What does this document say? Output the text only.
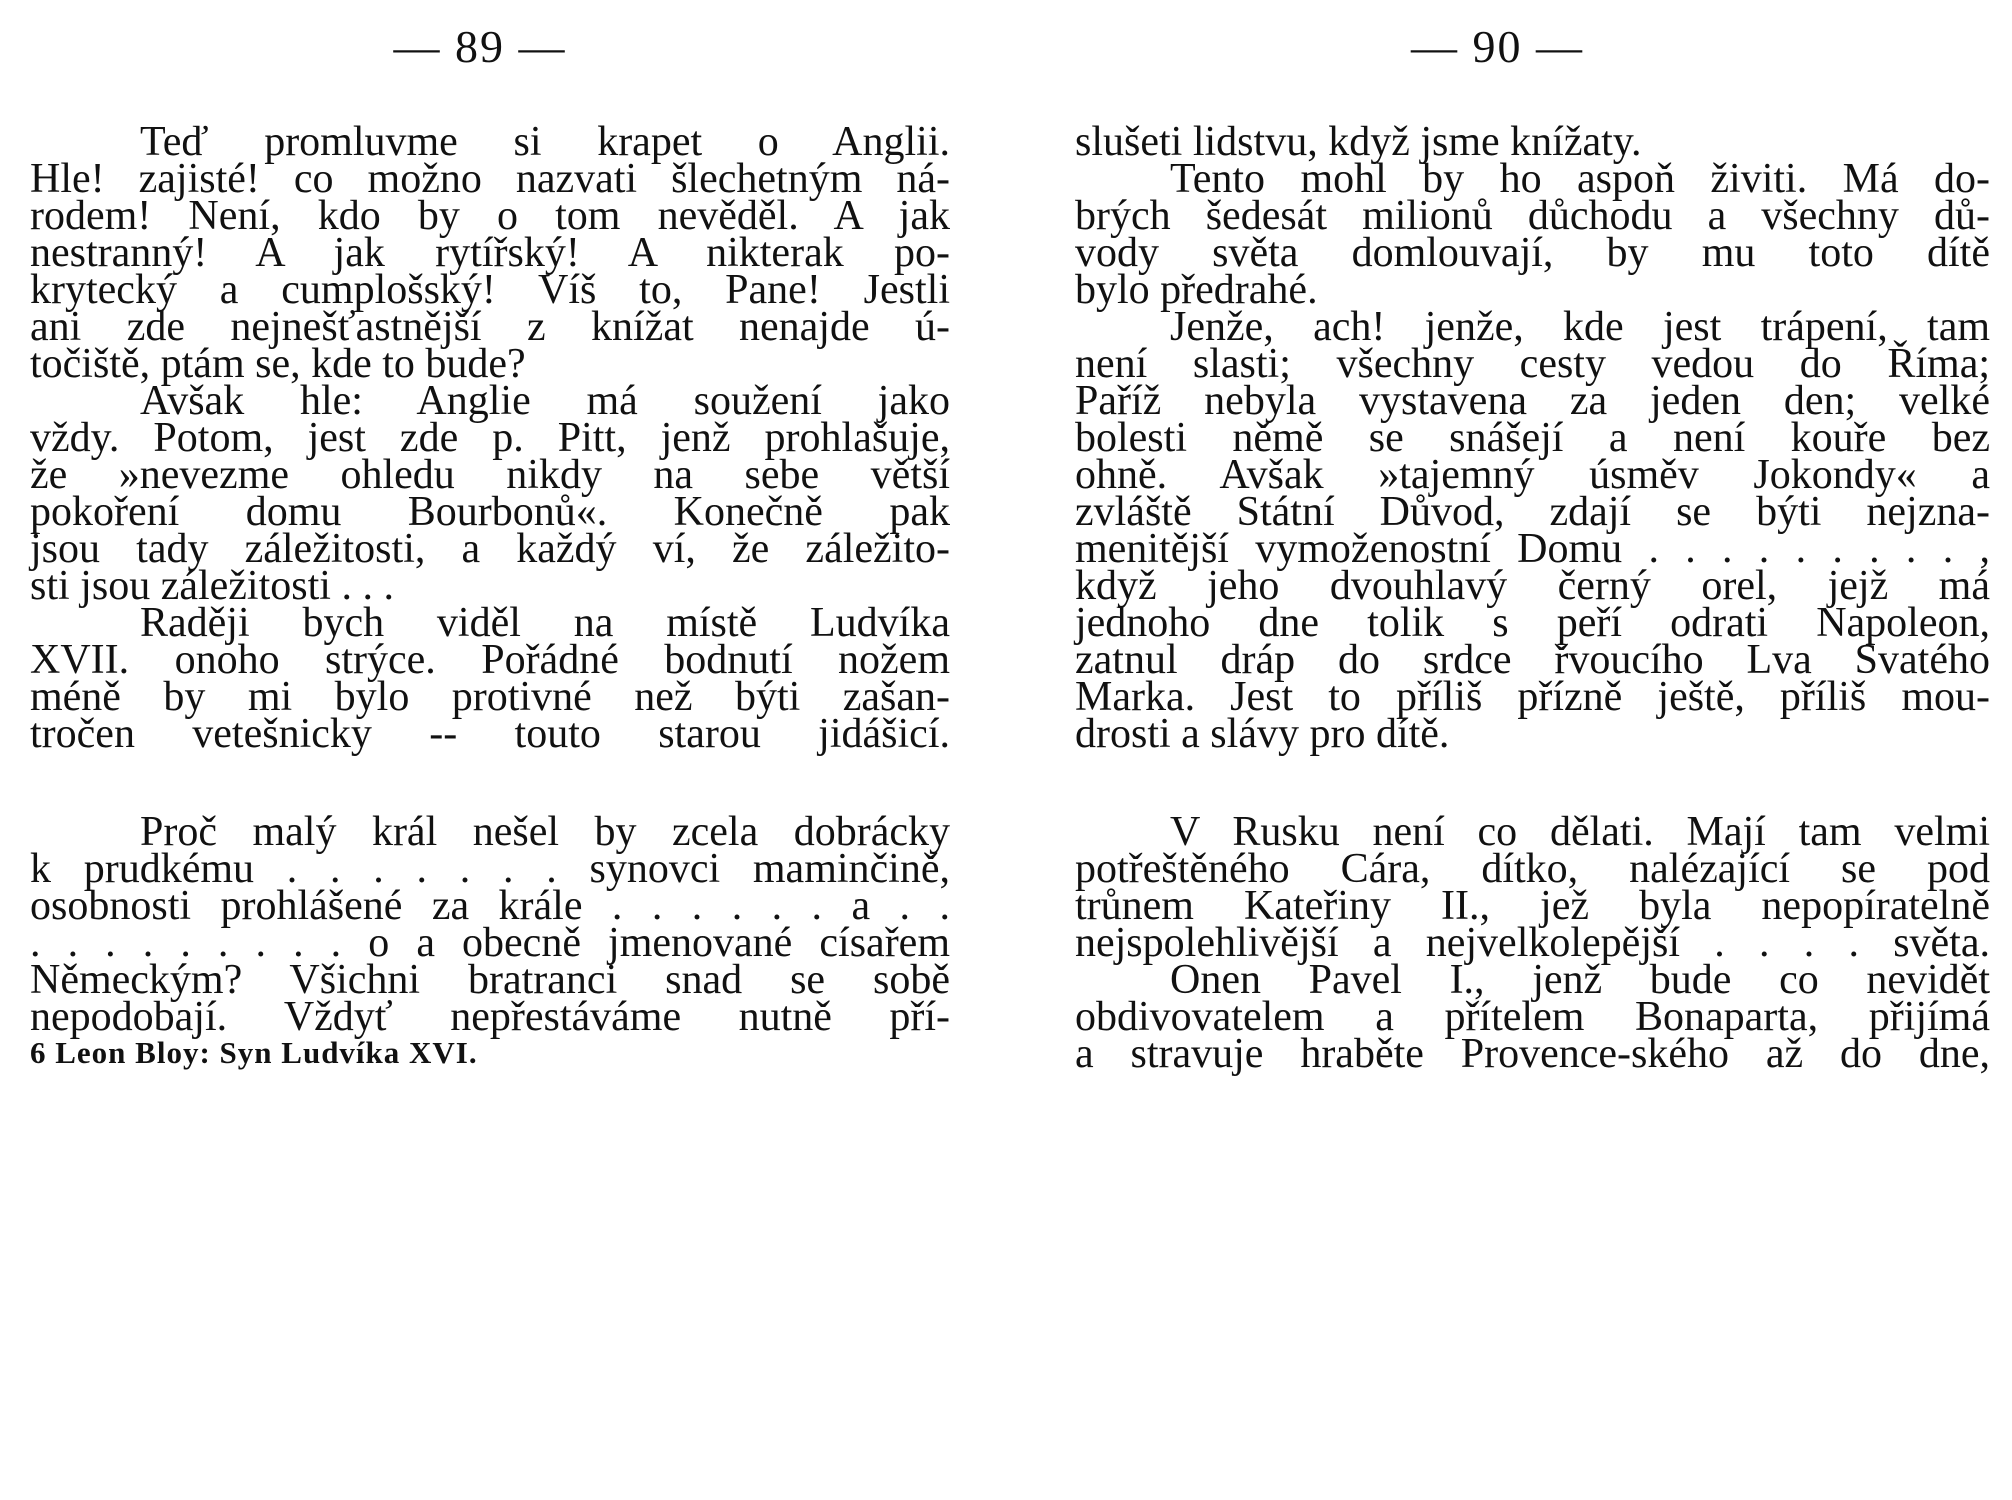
— 89 —
Teď promluvme si krapet o Anglii.
Hle! zajisté! co možno nazvati šlechetným ná-
rodem! Není, kdo by o tom nevěděl. A jak
nestranný! A jak rytířský! A nikterak po-
krytecký a cumplošský! Víš to, Pane! Jestli
ani zde nejnešťastnější z knížat nenajde ú-
točiště, ptám se, kde to bude?
Avšak hle: Anglie má soužení jako
vždy. Potom, jest zde p. Pitt, jenž prohlašuje,
že »nevezme ohledu nikdy na sebe větší
pokoření domu Bourbonů«. Konečně pak
jsou tady záležitosti, a každý ví, že záležito-
sti jsou záležitosti . . .
Raději bych viděl na místě Ludvíka
XVII. onoho strýce. Pořádné bodnutí nožem
méně by mi bylo protivné než býti zašan-
tročen vetešnicky -- touto starou jidášicí.
Proč malý král nešel by zcela dobrácky
k prudkému . . . . . . . synovci maminčině,
osobnosti prohlášené za krále . . . . . . a . .
. . . . . . . . . o a obecně jmenované císařem
Německým? Všichni bratranci snad se sobě
nepodobají. Vždyť nepřestáváme nutně pří-
6 Leon Bloy: Syn Ludvíka XVI.
— 90 —
slušeti lidstvu, když jsme knížaty.
Tento mohl by ho aspoň živiti. Má do-
brých šedesát milionů důchodu a všechny dů-
vody světa domlouvají, by mu toto dítě
bylo předrahé.
Jenže, ach! jenže, kde jest trápení, tam
není slasti; všechny cesty vedou do Říma;
Paříž nebyla vystavena za jeden den; velké
bolesti němě se snášejí a není kouře bez
ohně. Avšak »tajemný úsměv Jokondy« a
zvláště Státní Důvod, zdají se býti nejzna-
menitější vymoženostní Domu . . . . . . . . . ,
když jeho dvouhlavý černý orel, jejž má
jednoho dne tolik s peří odrati Napoleon,
zatnul dráp do srdce řvoucího Lva Svatého
Marka. Jest to příliš přízně ještě, příliš mou-
drosti a slávy pro dítě.
V Rusku není co dělati. Mají tam velmi
potřeštěného Cára, dítko, nalézající se pod
trůnem Kateřiny II., jež byla nepopíratelně
nejspolehlivější a nejvelkolepější . . . . světa.
Onen Pavel I., jenž bude co nevidět
obdivovatelem a přítelem Bonaparta, přijímá
a stravuje hraběte Provence-ského až do dne,
